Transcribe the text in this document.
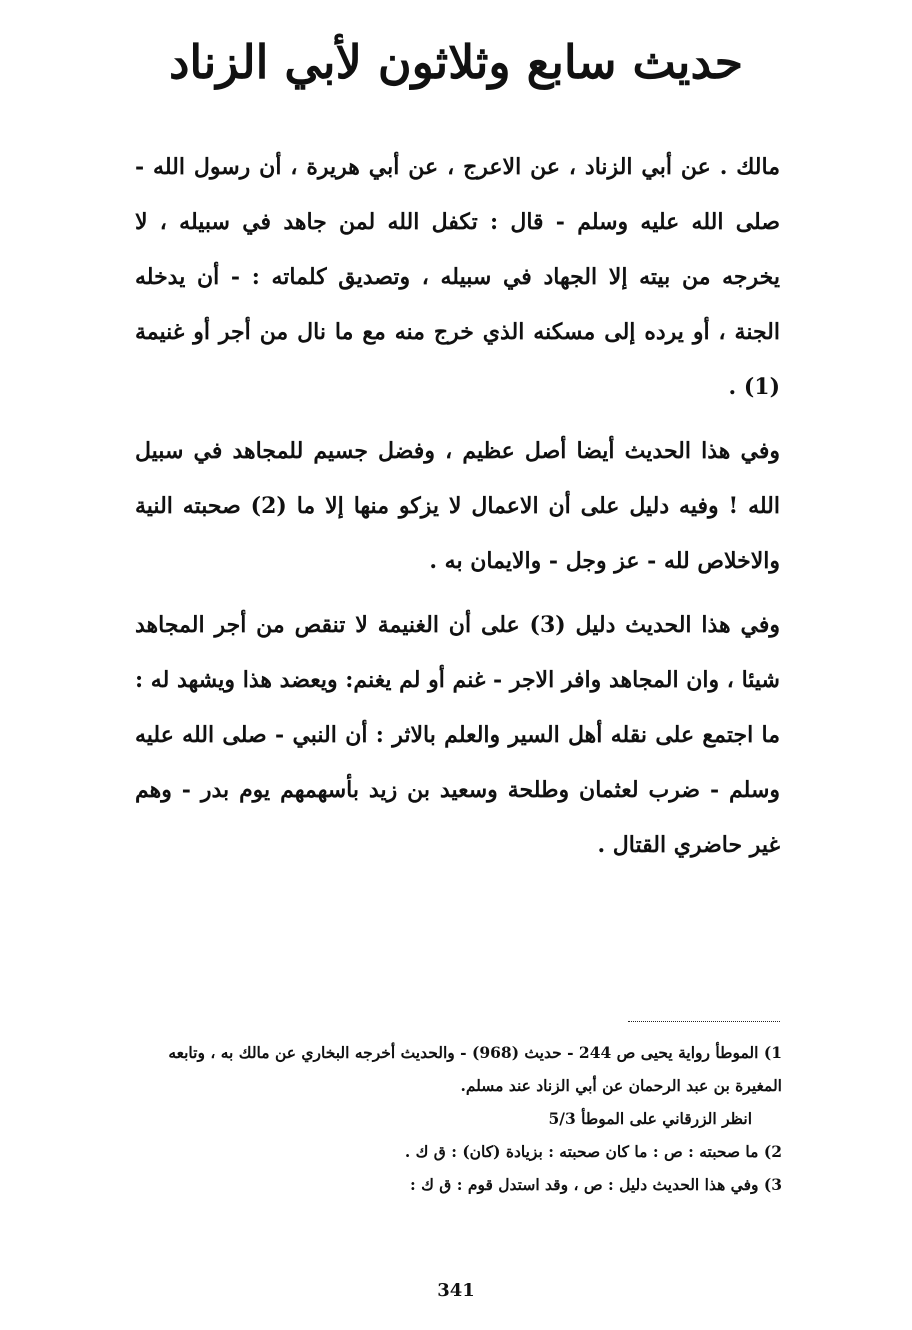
حديث سابع وثلاثون لأبي الزناد

مالك . عن أبي الزناد ، عن الاعرج ، عن أبي هريرة ، أن رسول الله - صلى الله عليه وسلم - قال : تكفل الله لمن جاهد في سبيله ، لا يخرجه من بيته إلا الجهاد في سبيله ، وتصديق كلماته : - أن يدخله الجنة ، أو يرده إلى مسكنه الذي خرج منه مع ما نال من أجر أو غنيمة (1) .

وفي هذا الحديث أيضا أصل عظيم ، وفضل جسيم للمجاهد في سبيل الله ! وفيه دليل على أن الاعمال لا يزكو منها إلا ما (2) صحبته النية والاخلاص لله - عز وجل - والايمان به .

وفي هذا الحديث دليل (3) على أن الغنيمة لا تنقص من أجر المجاهد شيئا ، وان المجاهد وافر الاجر - غنم أو لم يغنم: ويعضد هذا ويشهد له : ما اجتمع على نقله أهل السير والعلم بالاثر : أن النبي - صلى الله عليه وسلم - ضرب لعثمان وطلحة وسعيد بن زيد بأسهمهم يوم بدر - وهم غير حاضري القتال .

1) الموطأ رواية يحيى ص 244 - حديث (968) - والحديث أخرجه البخاري عن مالك به ، وتابعه المغيرة بن عبد الرحمان عن أبي الزناد عند مسلم.

انظر الزرقاني على الموطأ 5/3

2) ما صحبته : ص : ما كان صحبته : بزيادة (كان) : ق ك .

3) وفي هذا الحديث دليل : ص ، وقد استدل قوم : ق ك :

341
